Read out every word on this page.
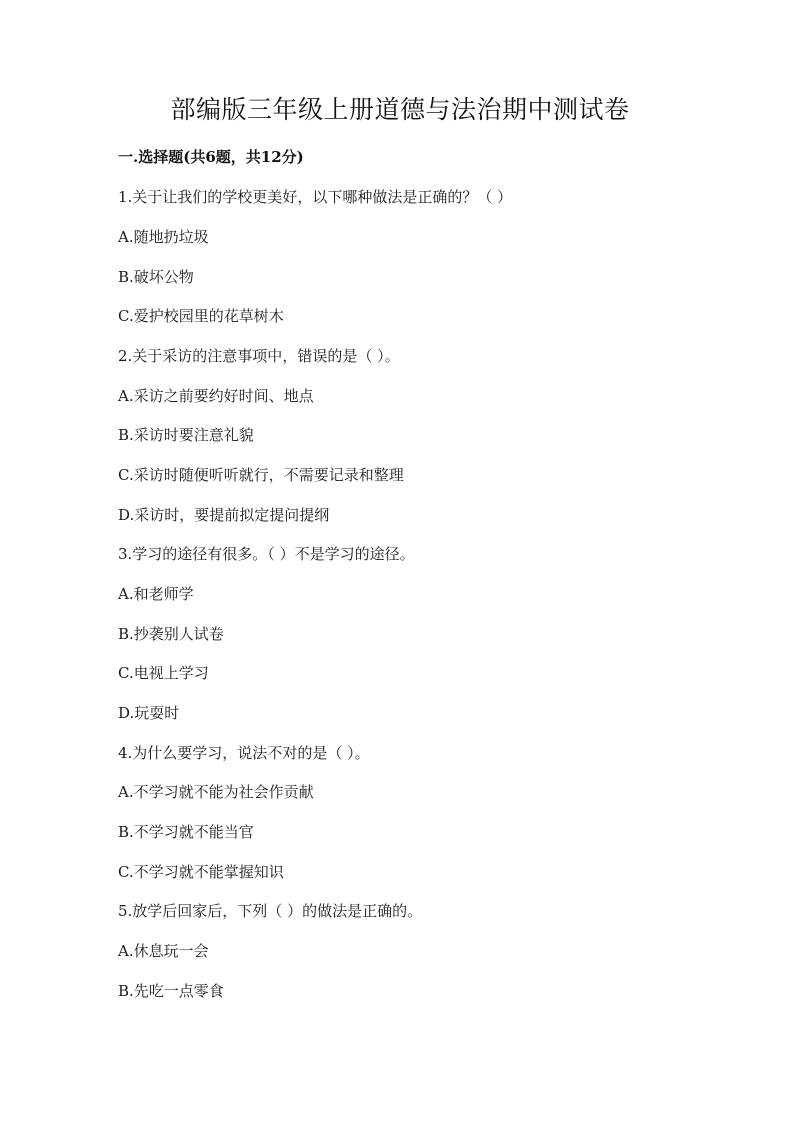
部编版三年级上册道德与法治期中测试卷
一.选择题(共6题，共12分)
1.关于让我们的学校更美好，以下哪种做法是正确的？（ ）
A.随地扔垃圾
B.破坏公物
C.爱护校园里的花草树木
2.关于采访的注意事项中，错误的是（ ）。
A.采访之前要约好时间、地点
B.采访时要注意礼貌
C.采访时随便听听就行，不需要记录和整理
D.采访时，要提前拟定提问提纲
3.学习的途径有很多。（ ）不是学习的途径。
A.和老师学
B.抄袭别人试卷
C.电视上学习
D.玩耍时
4.为什么要学习，说法不对的是（ ）。
A.不学习就不能为社会作贡献
B.不学习就不能当官
C.不学习就不能掌握知识
5.放学后回家后，下列（ ）的做法是正确的。
A.休息玩一会
B.先吃一点零食
